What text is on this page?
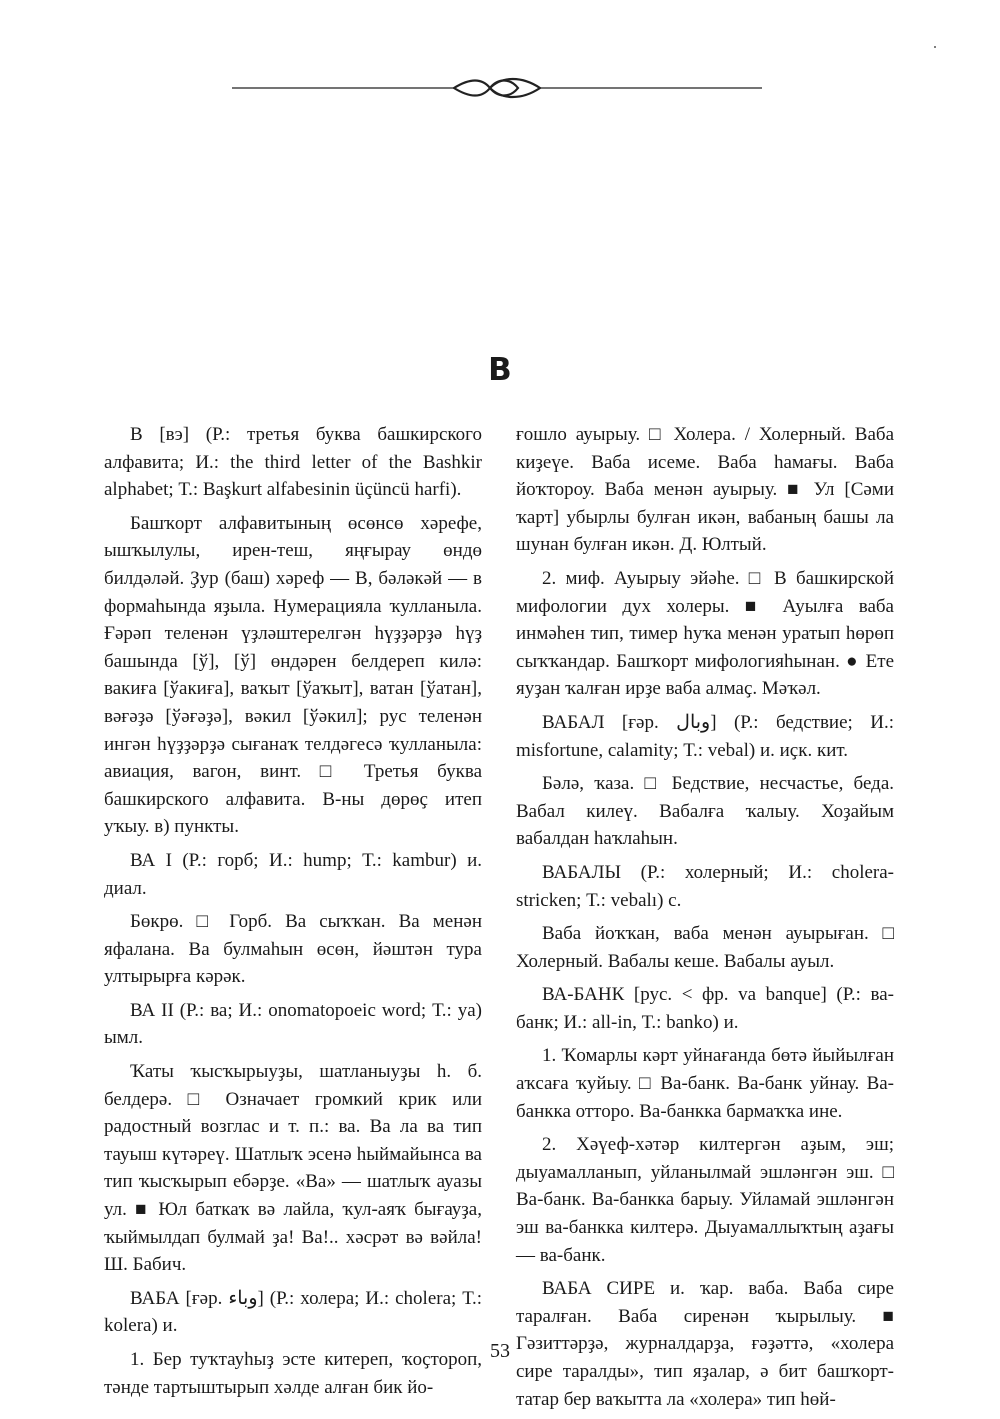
В

В [вэ] (Р.: третья буква башкирского алфавита; И.: the third letter of the Bashkir alphabet; Т.: Başkurt alfabesinin üçüncü harfi).

Башҡорт алфавитының өсөнсө хәрефе, ышҡылулы, ирен-теш, яңғырау өндө билдәләй. Ҙур (баш) хәреф — В, бәләкәй — в формаһында яҙыла. Нумерацияла ҡулланыла. Ғәрәп теленән үҙләштерелгән һүҙҙәрҙә һүҙ башында [ў], [ў] өндәрен белдереп килә: вакиға [ўакиға], ваҡыт [ўаҡыт], ватан [ўатан], вәғәҙә [ўәғәҙә], вәкил [ўәкил]; рус теленән ингән һүҙҙәрҙә сығанаҡ телдәгесә ҡулланыла: авиация, вагон, винт. □ Третья буква башкирского алфавита. В-ны дөрөҫ итеп уҡыу. в) пункты.

ВА I (Р.: горб; И.: hump; Т.: kambur) и. диал.

Бөкрө. □ Горб. Ва сыҡҡан. Ва менән яфалана. Ва булмаһын өсөн, йәштән тура ултырырға кәрәк.

ВА II (Р.: ва; И.: onomatopoeic word; Т.: ya) ымл.

Ҡаты ҡысҡырыуҙы, шатланыуҙы һ. б. белдерә. □ Означает громкий крик или радостный возглас и т. п.: ва. Ва ла ва тип тауыш күтәреү. Шатлыҡ эсенә һыймайынса ва тип ҡысҡырып ебәрҙе. «Ва» — шатлыҡ ауазы ул. ■ Юл баткаҡ вә лайла, ҡул-аяҡ бығауҙа, ҡыймылдап булмай ҙа! Ва!.. хәсрәт вә вәйла! Ш. Бабич.

ВАБА [ғәр. وباء] (Р.: холера; И.: cholera; Т.: kolera) и.

1. Бер туҡтауһыҙ эсте китереп, ҡоҫтороп, тәнде тартыштырып хәлде алған бик йо-

ғошло ауырыу. □ Холера. / Холерный. Ваба киҙеүе. Ваба исеме. Ваба һамағы. Ваба йоҡтороу. Ваба менән ауырыу. ■ Ул [Сәми ҡарт] убырлы булған икән, вабаның башы ла шунан булған икән. Д. Юлтый.

2. миф. Ауырыу эйәһе. □ В башкирской мифологии дух холеры. ■ Ауылға ваба инмәһен тип, тимер һуҡа менән уратып һөрөп сыҡҡандар. Башҡорт мифологияһынан. ● Ете яуҙан ҡалған ирҙе ваба алмаҫ. Мәҡәл.

ВАБАЛ [ғәр. وبال] (Р.: бедствие; И.: misfortune, calamity; Т.: vebal) и. иҫк. кит.

Бәлә, ҡаза. □ Бедствие, несчастье, беда. Вабал килеү. Вабалға ҡалыу. Хоҙайым вабалдан һаҡлаһын.

ВАБАЛЫ (Р.: холерный; И.: cholera-stricken; Т.: vebalı) с.

Ваба йоҡҡан, ваба менән ауырыған. □ Холерный. Вабалы кеше. Вабалы ауыл.

ВА-БАНК [рус. < фр. va banque] (Р.: ва-банк; И.: all-in, Т.: banko) и.

1. Ҡомарлы кәрт уйнағанда бөтә йыйылған аҡсаға ҡуйыу. □ Ва-банк. Ва-банк уйнау. Ва-банкка отторо. Ва-банкка бармаҡҡа ине.

2. Хәүеф-хәтәр килтергән аҙым, эш; дыуамалланып, уйланылмай эшләнгән эш. □ Ва-банк. Ва-банкка барыу. Уйламай эшләнгән эш ва-банкка килтерә. Дыуамаллыҡтың аҙағы — ва-банк.

ВАБА СИРЕ и. ҡар. ваба. Ваба сире таралған. Ваба сиренән ҡырылыу. ■ Гәзиттәрҙә, журналдарҙа, ғәҙәттә, «холера сире таралды», тип яҙалар, ә бит башҡорт-татар бер ваҡытта ла «холера» тип һөй-

53
